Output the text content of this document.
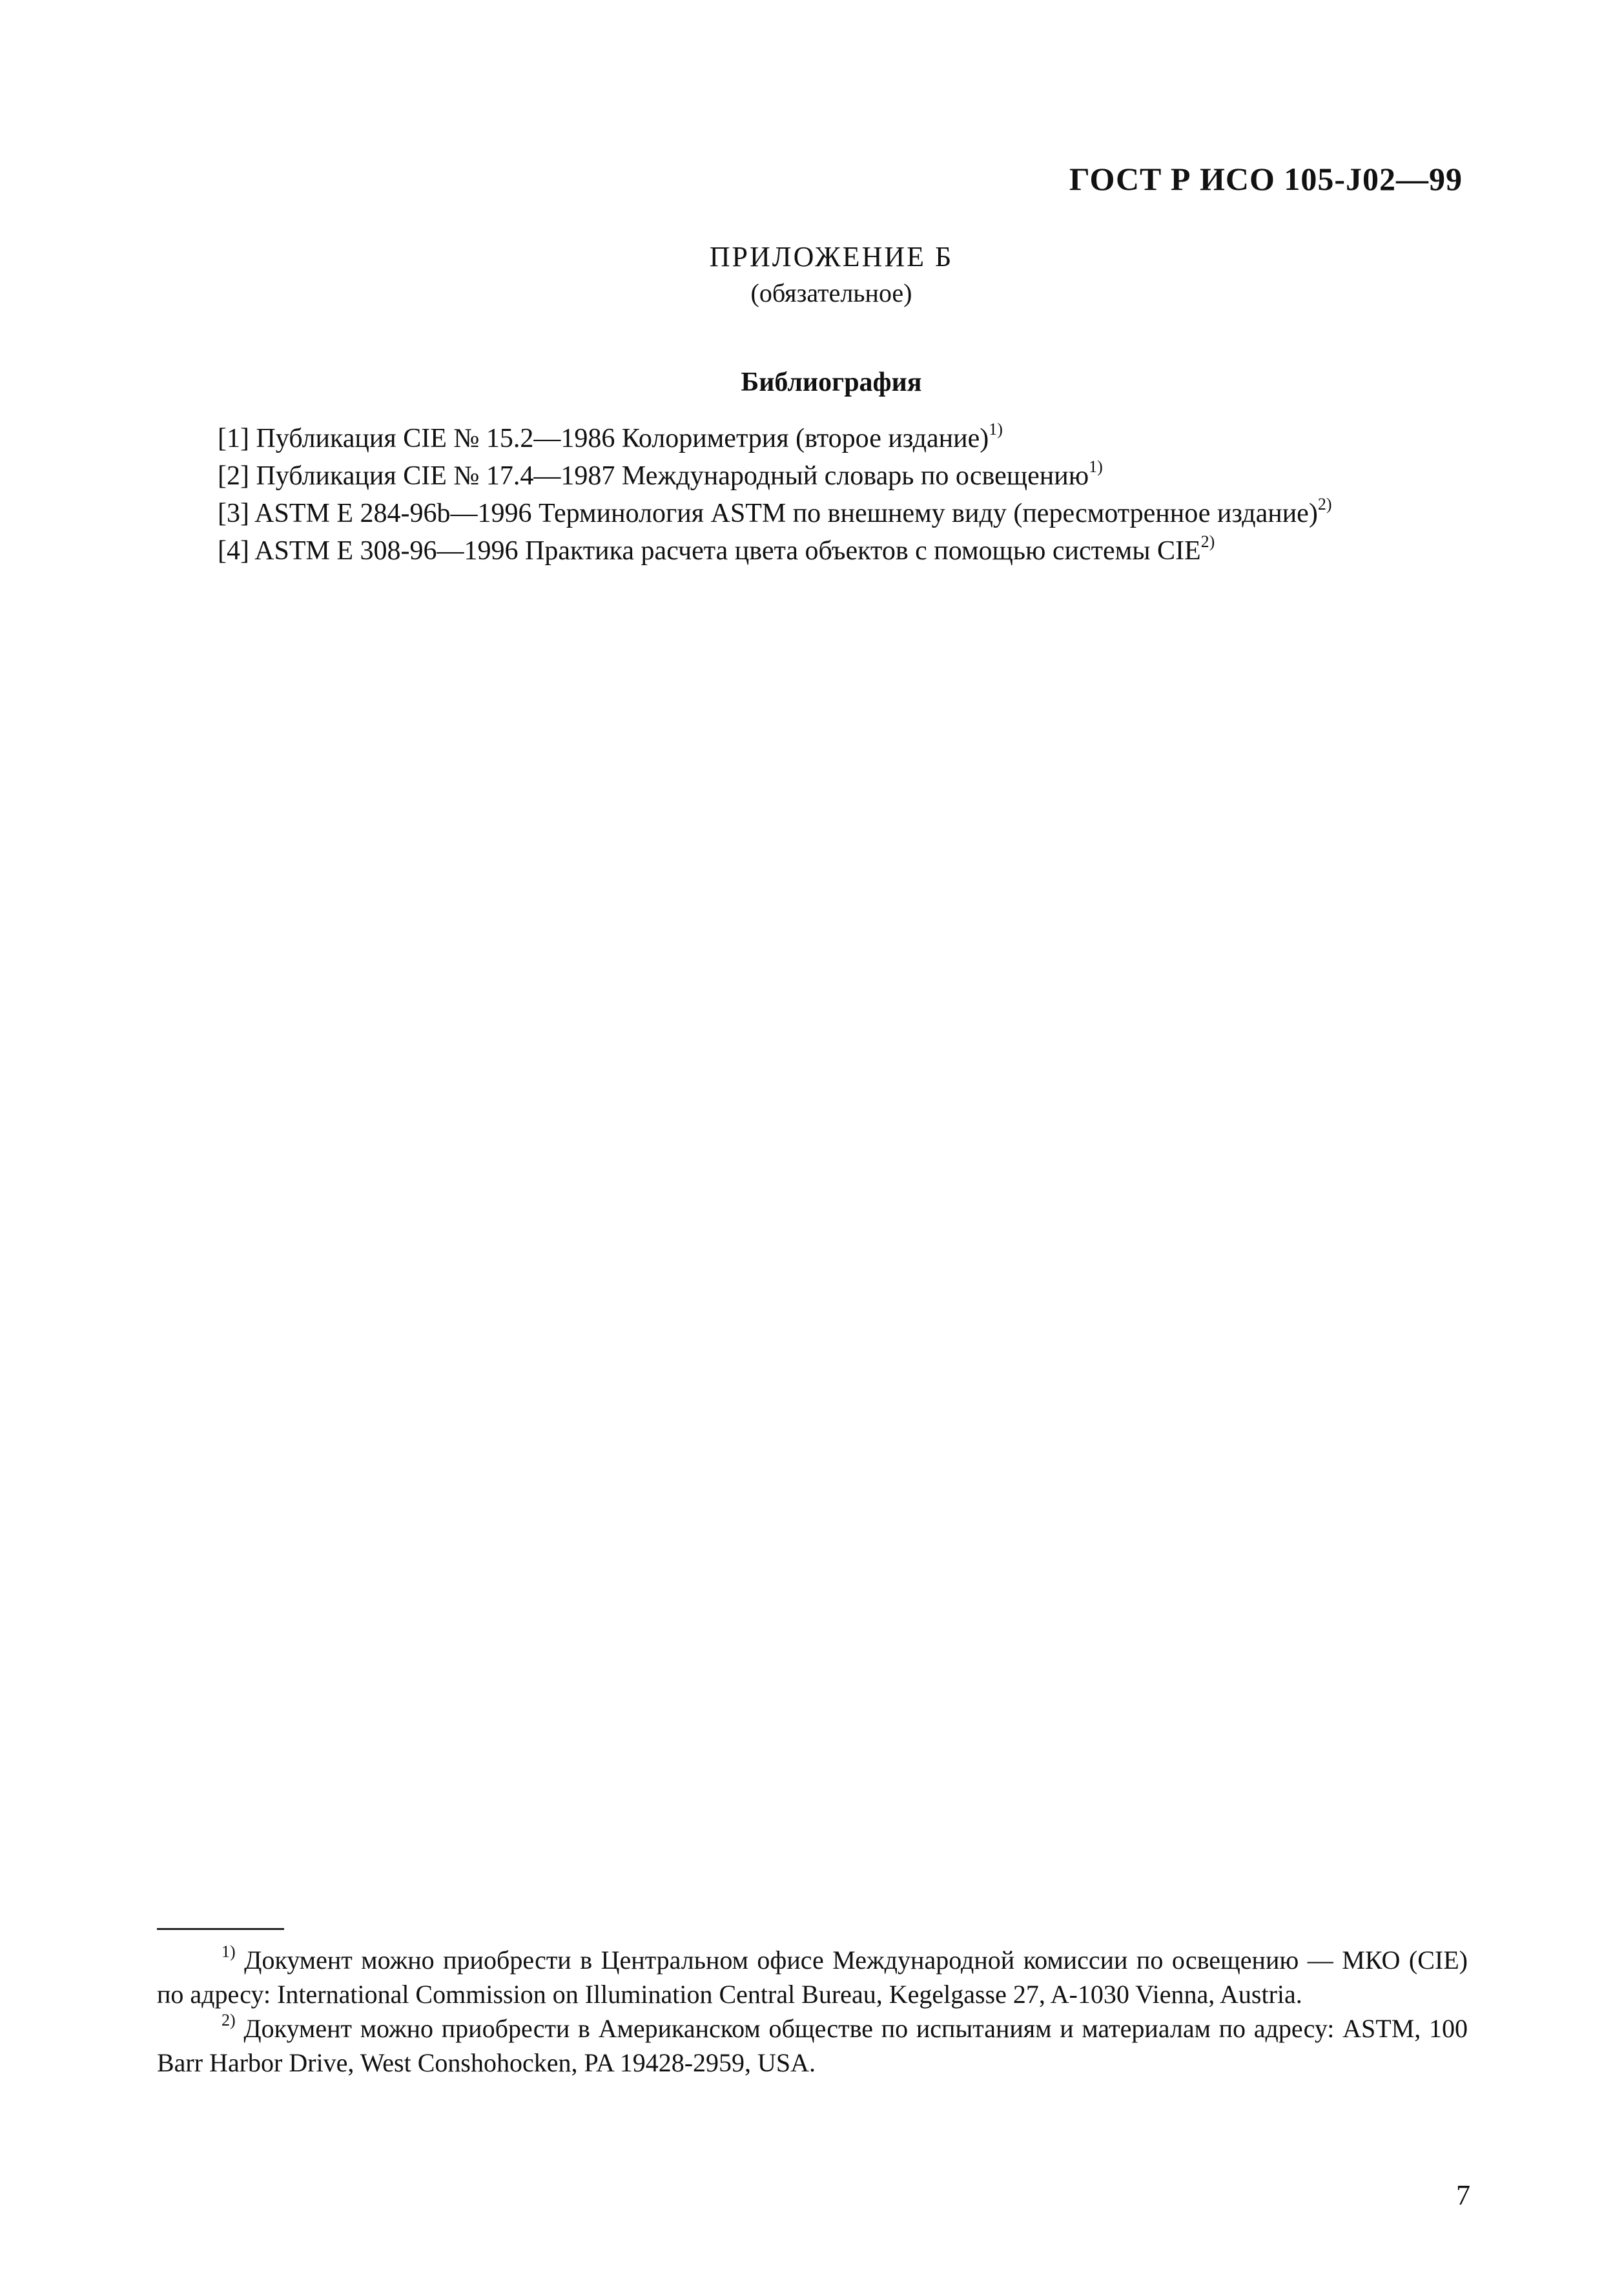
ГОСТ Р ИСО 105-J02—99
ПРИЛОЖЕНИЕ Б
(обязательное)
Библиография
[1] Публикация CIE № 15.2—1986 Колориметрия (второе издание)$^{1)}$
[2] Публикация CIE № 17.4—1987 Международный словарь по освещению$^{1)}$
[3] ASTM E 284-96b—1996 Терминология ASTM по внешнему виду (пересмотренное издание)$^{2)}$
[4] ASTM E 308-96—1996 Практика расчета цвета объектов с помощью системы CIE$^{2)}$

$^{1)}$ Документ можно приобрести в Центральном офисе Международной комиссии по освещению — МКО (CIE) по адресу: International Commission on Illumination Central Bureau, Kegelgasse 27, A-1030 Vienna, Austria.

$^{2)}$ Документ можно приобрести в Американском обществе по испытаниям и материалам по адресу: ASTM, 100 Barr Harbor Drive, West Conshohocken, PA 19428-2959, USA.

7
